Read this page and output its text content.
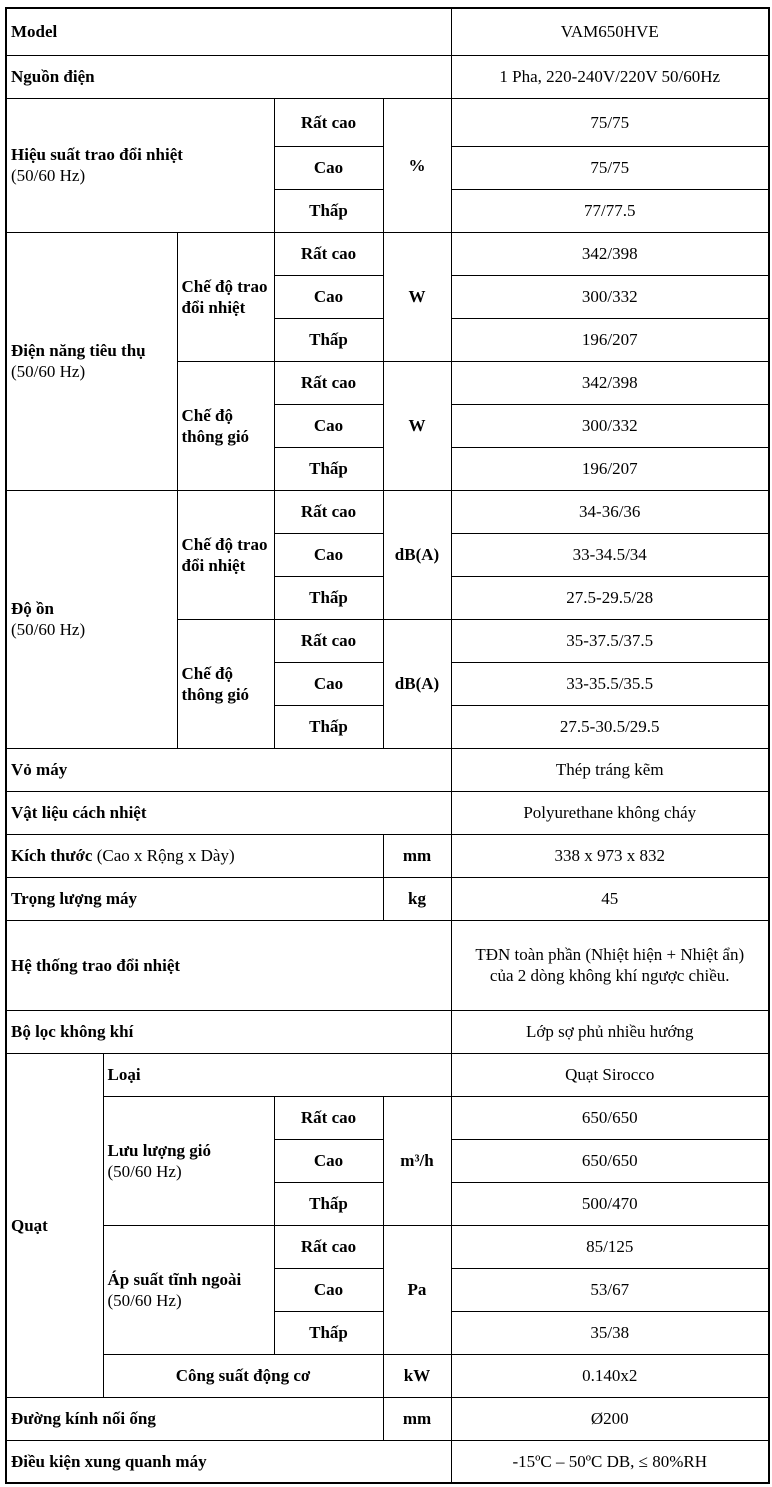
Model					VAM650HVE
Nguồn điện					1 Pha, 220-240V/220V 50/60Hz
Hiệu suất trao đổi nhiệt
(50/60 Hz)			Rất cao	%	75/75
			Cao		75/75
			Thấp		77/77.5
Điện năng tiêu thụ
(50/60 Hz)		Chế độ trao đổi nhiệt	Rất cao	W	342/398
			Cao		300/332
			Thấp		196/207
		Chế độ thông gió	Rất cao	W	342/398
			Cao		300/332
			Thấp		196/207
Độ ồn
(50/60 Hz)		Chế độ trao đổi nhiệt	Rất cao	dB(A)	34-36/36
			Cao		33-34.5/34
			Thấp		27.5-29.5/28
		Chế độ thông gió	Rất cao	dB(A)	35-37.5/37.5
			Cao		33-35.5/35.5
			Thấp		27.5-30.5/29.5
Vỏ máy					Thép tráng kẽm
Vật liệu cách nhiệt					Polyurethane không cháy
Kích thước (Cao x Rộng x Dày)				mm	338 x 973 x 832
Trọng lượng máy				kg	45
Hệ thống trao đổi nhiệt					TĐN toàn phần (Nhiệt hiện + Nhiệt ẩn)
của 2 dòng không khí ngược chiều.
Bộ lọc không khí					Lớp sợ phủ nhiều hướng
Quạt	Loại				Quạt Sirocco
	Lưu lượng gió
(50/60 Hz)		Rất cao	m³/h	650/650
			Cao		650/650
			Thấp		500/470
	Áp suất tĩnh ngoài
(50/60 Hz)		Rất cao	Pa	85/125
			Cao		53/67
			Thấp		35/38
	Công suất động cơ			kW	0.140x2
Đường kính nối ống				mm	Ø200
Điều kiện xung quanh máy					-15ºC – 50ºC DB, ≤ 80%RH
